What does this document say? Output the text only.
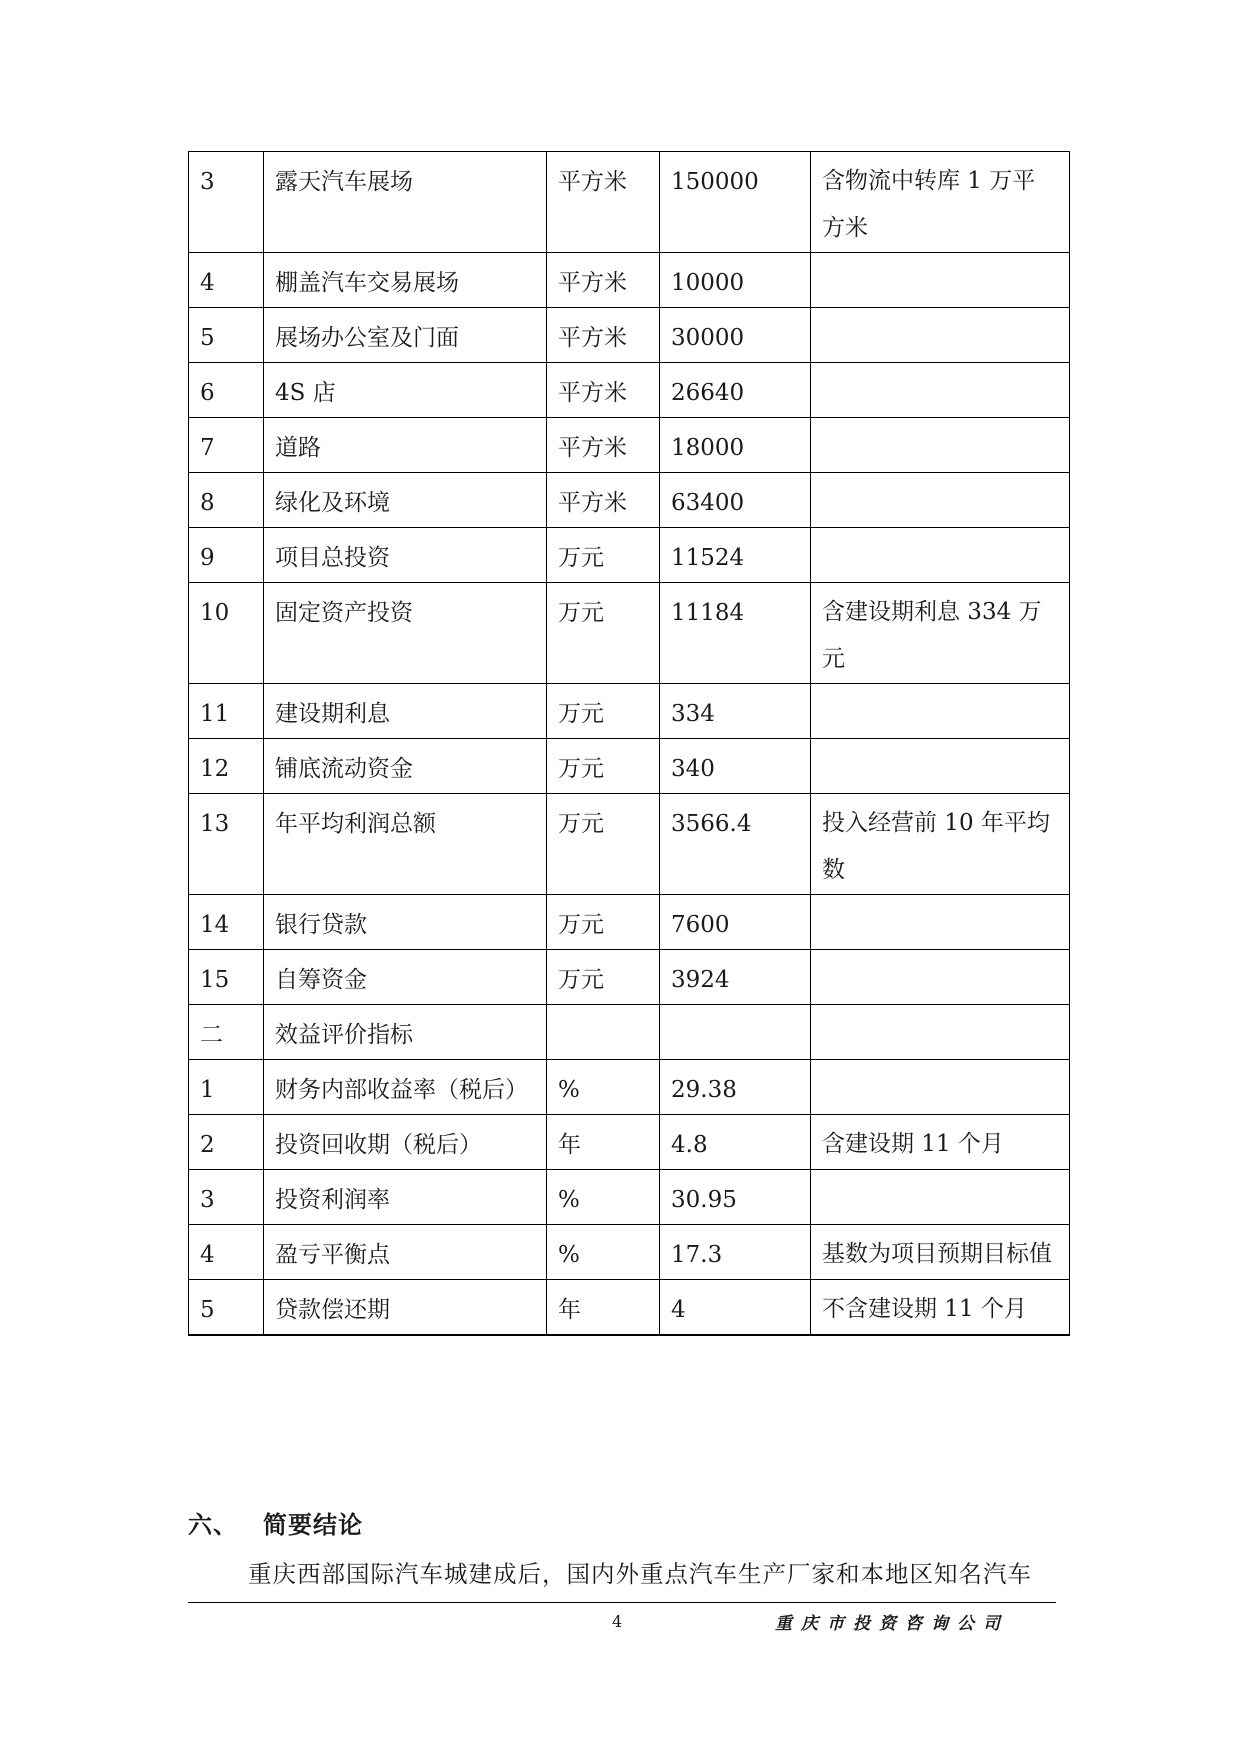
3	露天汽车展场	平方米	150000	含物流中转库 1 万平方米
4	棚盖汽车交易展场	平方米	10000	
5	展场办公室及门面	平方米	30000	
6	4S 店	平方米	26640	
7	道路	平方米	18000	
8	绿化及环境	平方米	63400	
9	项目总投资	万元	11524	
10	固定资产投资	万元	11184	含建设期利息 334 万元
11	建设期利息	万元	334	
12	铺底流动资金	万元	340	
13	年平均利润总额	万元	3566.4	投入经营前 10 年平均数
14	银行贷款	万元	7600	
15	自筹资金	万元	3924	
二	效益评价指标			
1	财务内部收益率（税后）	%	29.38	
2	投资回收期（税后）	年	4.8	含建设期 11 个月
3	投资利润率	%	30.95	
4	盈亏平衡点	%	17.3	基数为项目预期目标值
5	贷款偿还期	年	4	不含建设期 11 个月
六、 简要结论

重庆西部国际汽车城建成后，国内外重点汽车生产厂家和本地区知名汽车

4	重庆市投资咨询公司
